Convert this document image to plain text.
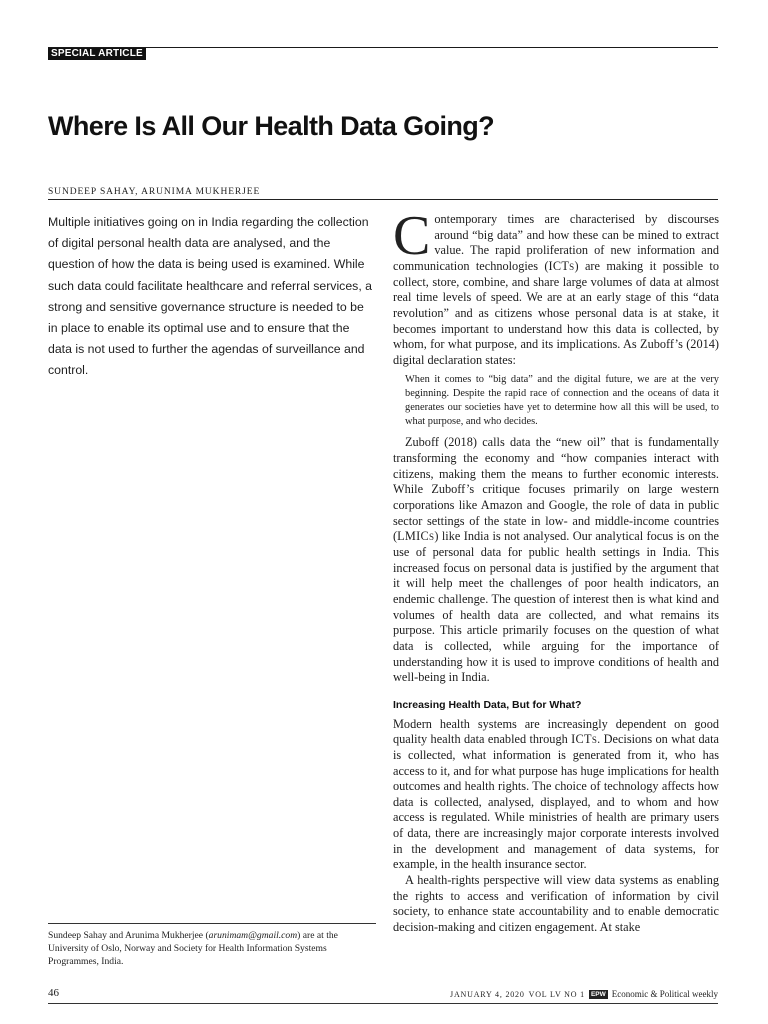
SPECIAL ARTICLE
Where Is All Our Health Data Going?
SUNDEEP SAHAY, ARUNIMA MUKHERJEE
Multiple initiatives going on in India regarding the collection of digital personal health data are analysed, and the question of how the data is being used is examined. While such data could facilitate healthcare and referral services, a strong and sensitive governance structure is needed to be in place to enable its optimal use and to ensure that the data is not used to further the agendas of surveillance and control.
Sundeep Sahay and Arunima Mukherjee (arunimam@gmail.com) are at the University of Oslo, Norway and Society for Health Information Systems Programmes, India.

Contemporary times are characterised by discourses around “big data” and how these can be mined to extract value. The rapid proliferation of new information and communication technologies (ICTs) are making it possible to collect, store, combine, and share large volumes of data at almost real time levels of speed. We are at an early stage of this “data revolution” and as citizens whose personal data is at stake, it becomes important to understand how this data is collected, by whom, for what purpose, and its implications. As Zuboff’s (2014) digital declaration states:

When it comes to “big data” and the digital future, we are at the very beginning. Despite the rapid race of connection and the oceans of data it generates our societies have yet to determine how all this will be used, to what purpose, and who decides.

Zuboff (2018) calls data the “new oil” that is fundamentally transforming the economy and “how companies interact with citizens, making them the means to further economic interests. While Zuboff’s critique focuses primarily on large western corporations like Amazon and Google, the role of data in public sector settings of the state in low- and middle-income countries (LMICs) like India is not analysed. Our analytical focus is on the use of personal data for public health settings in India. This increased focus on personal data is justified by the argument that it will help meet the challenges of poor health indicators, an endemic challenge. The question of interest then is what kind and volumes of health data are collected, and what remains its purpose. This article primarily focuses on the question of what data is collected, while arguing for the importance of understanding how it is used to improve conditions of health and well-being in India.

Increasing Health Data, But for What?

Modern health systems are increasingly dependent on good quality health data enabled through ICTs. Decisions on what data is collected, what information is generated from it, who has access to it, and for what purpose has huge implications for health outcomes and health rights. The choice of technology affects how data is collected, analysed, displayed, and to whom and how access is regulated. While ministries of health are primary users of data, there are increasingly major corporate interests involved in the development and management of data systems, for example, in the health insurance sector.

A health-rights perspective will view data systems as enabling the rights to access and verification of information by civil society, to enhance state accountability and to enable democratic decision-making and citizen engagement. At stake

46	JANUARY 4, 2020 VOL LV NO 1 EPW Economic & Political weekly
